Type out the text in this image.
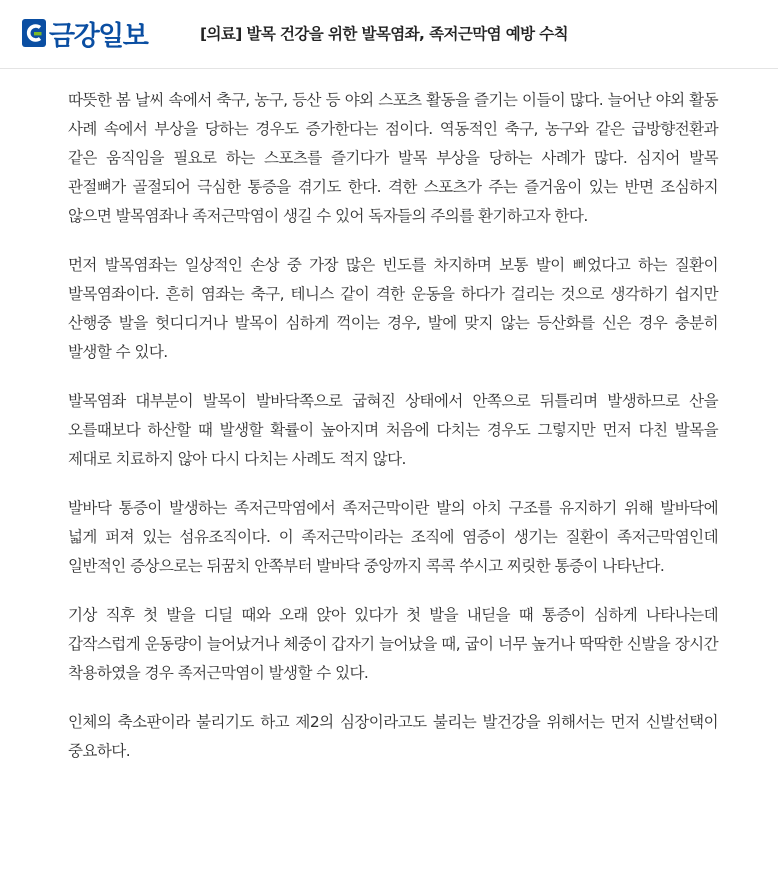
금강일보	[의료] 발목 건강을 위한 발목염좌, 족저근막염 예방 수칙

따뜻한 봄 날씨 속에서 축구, 농구, 등산 등 야외 스포츠 활동을 즐기는 이들이 많다. 늘어난 야외 활동 사례 속에서 부상을 당하는 경우도 증가한다는 점이다. 역동적인 축구, 농구와 같은 급방향전환과 같은 움직임을 필요로 하는 스포츠를 즐기다가 발목 부상을 당하는 사례가 많다. 심지어 발목 관절뼈가 골절되어 극심한 통증을 겪기도 한다. 격한 스포츠가 주는 즐거움이 있는 반면 조심하지 않으면 발목염좌나 족저근막염이 생길 수 있어 독자들의 주의를 환기하고자 한다.

먼저 발목염좌는 일상적인 손상 중 가장 많은 빈도를 차지하며 보통 발이 삐었다고 하는 질환이 발목염좌이다. 흔히 염좌는 축구, 테니스 같이 격한 운동을 하다가 걸리는 것으로 생각하기 쉽지만 산행중 발을 헛디디거나 발목이 심하게 꺽이는 경우, 발에 맞지 않는 등산화를 신은 경우 충분히 발생할 수 있다.

발목염좌 대부분이 발목이 발바닥쪽으로 굽혀진 상태에서 안쪽으로 뒤틀리며 발생하므로 산을 오를때보다 하산할 때 발생할 확률이 높아지며 처음에 다치는 경우도 그렇지만 먼저 다친 발목을 제대로 치료하지 않아 다시 다치는 사례도 적지 않다.

발바닥 통증이 발생하는 족저근막염에서 족저근막이란 발의 아치 구조를 유지하기 위해 발바닥에 넓게 퍼져 있는 섬유조직이다. 이 족저근막이라는 조직에 염증이 생기는 질환이 족저근막염인데 일반적인 증상으로는 뒤꿈치 안쪽부터 발바닥 중앙까지 콕콕 쑤시고 찌릿한 통증이 나타난다.

기상 직후 첫 발을 디딜 때와 오래 앉아 있다가 첫 발을 내딛을 때 통증이 심하게 나타나는데 갑작스럽게 운동량이 늘어났거나 체중이 갑자기 늘어났을 때, 굽이 너무 높거나 딱딱한 신발을 장시간 착용하였을 경우 족저근막염이 발생할 수 있다.

인체의 축소판이라 불리기도 하고 제2의 심장이라고도 불리는 발건강을 위해서는 먼저 신발선택이 중요하다.
